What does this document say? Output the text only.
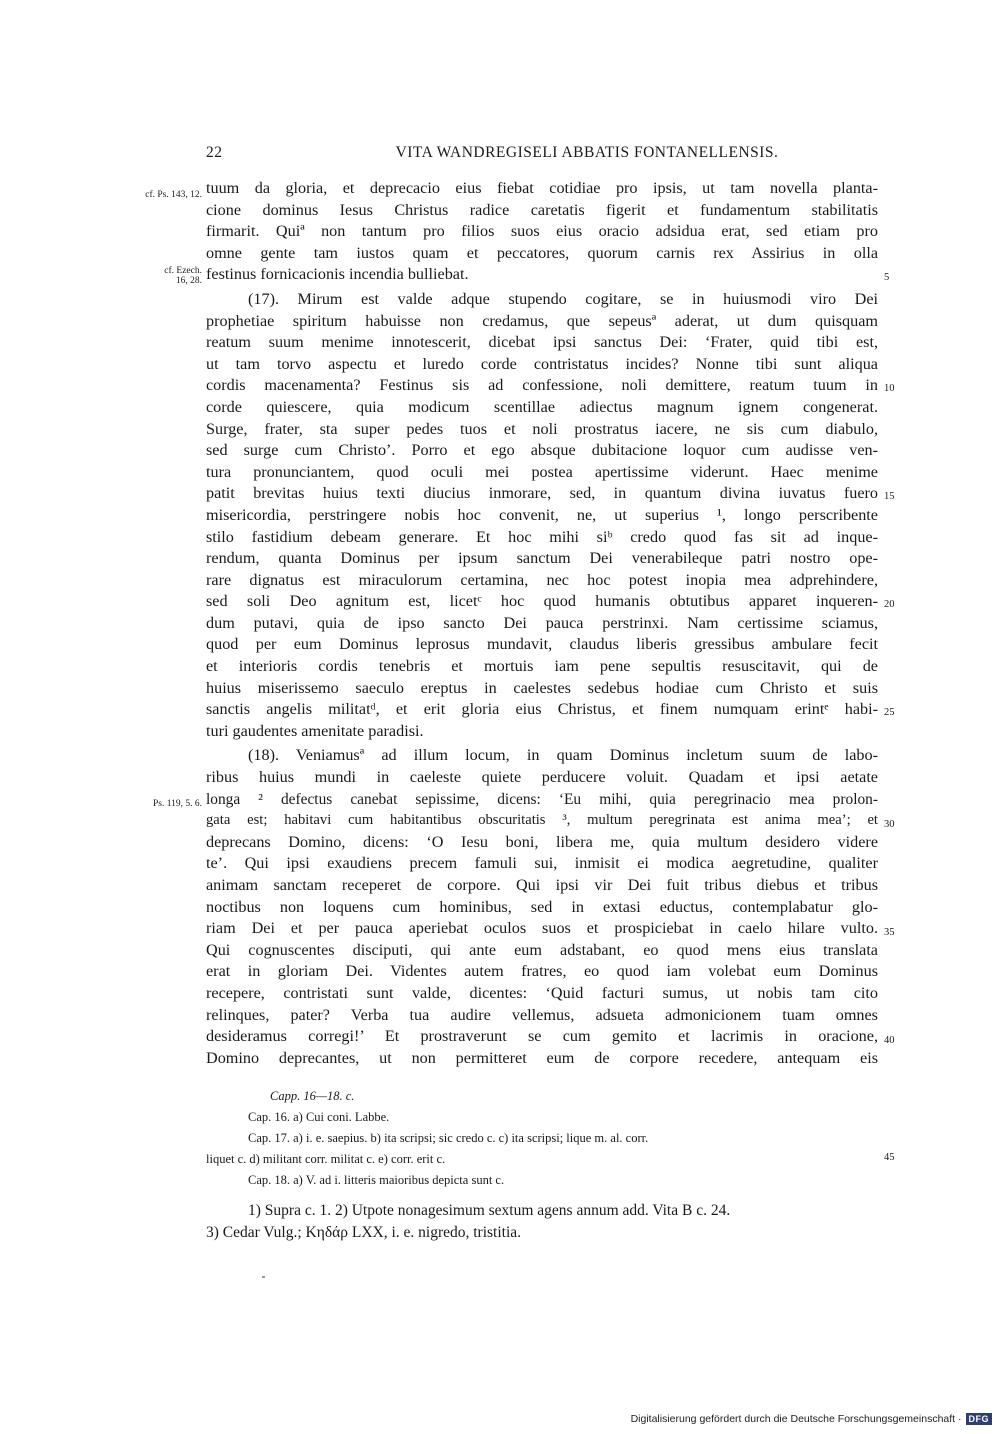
22	VITA WANDREGISELI ABBATIS FONTANELLENSIS.
cf. Ps. 143, 12.
cf. Ezech.
16, 28.
Ps. 119, 5. 6.
5
10
15
20
25
30
35
40
45
tuum da gloria, et deprecacio eius fiebat cotidiae pro ipsis, ut tam novella planta-
cione dominus Iesus Christus radice caretatis figerit et fundamentum stabilitatis
firmarit. Quiª non tantum pro filios suos eius oracio adsidua erat, sed etiam pro
omne gente tam iustos quam et peccatores, quorum carnis rex Assirius in olla
festinus fornicacionis incendia bulliebat.
(17). Mirum est valde adque stupendo cogitare, se in huiusmodi viro Dei
prophetiae spiritum habuisse non credamus, que sepeusª aderat, ut dum quisquam
reatum suum menime innotescerit, dicebat ipsi sanctus Dei: ‘Frater, quid tibi est,
ut tam torvo aspectu et luredo corde contristatus incides? Nonne tibi sunt aliqua
cordis macenamenta? Festinus sis ad confessione, noli demittere, reatum tuum in
corde quiescere, quia modicum scentillae adiectus magnum ignem congenerat.
Surge, frater, sta super pedes tuos et noli prostratus iacere, ne sis cum diabulo,
sed surge cum Christo’. Porro et ego absque dubitacione loquor cum audisse ven-
tura pronunciantem, quod oculi mei postea apertissime viderunt. Haec menime
patit brevitas huius texti diucius inmorare, sed, in quantum divina iuvatus fuero
misericordia, perstringere nobis hoc convenit, ne, ut superius ¹, longo perscribente
stilo fastidium debeam generare. Et hoc mihi siᵇ credo quod fas sit ad inque-
rendum, quanta Dominus per ipsum sanctum Dei venerabileque patri nostro ope-
rare dignatus est miraculorum certamina, nec hoc potest inopia mea adprehindere,
sed soli Deo agnitum est, licetᶜ hoc quod humanis obtutibus apparet inqueren-
dum putavi, quia de ipso sancto Dei pauca perstrinxi. Nam certissime sciamus,
quod per eum Dominus leprosus mundavit, claudus liberis gressibus ambulare fecit
et interioris cordis tenebris et mortuis iam pene sepultis resuscitavit, qui de
huius miserissemo saeculo ereptus in caelestes sedebus hodiae cum Christo et suis
sanctis angelis militatᵈ, et erit gloria eius Christus, et finem numquam erintᵉ habi-
turi gaudentes amenitate paradisi.
(18). Veniamusª ad illum locum, in quam Dominus incletum suum de labo-
ribus huius mundi in caeleste quiete perducere voluit. Quadam et ipsi aetate
longa ² defectus canebat sepissime, dicens: ‘Eu mihi, quia peregrinacio mea prolon-
gata est; habitavi cum habitantibus obscuritatis ³, multum peregrinata est anima mea’; et
deprecans Domino, dicens: ‘O Iesu boni, libera me, quia multum desidero videre
te’. Qui ipsi exaudiens precem famuli sui, inmisit ei modica aegretudine, qualiter
animam sanctam receperet de corpore. Qui ipsi vir Dei fuit tribus diebus et tribus
noctibus non loquens cum hominibus, sed in extasi eductus, contemplabatur glo-
riam Dei et per pauca aperiebat oculos suos et prospiciebat in caelo hilare vulto.
Qui cognuscentes disciputi, qui ante eum adstabant, eo quod mens eius translata
erat in gloriam Dei. Videntes autem fratres, eo quod iam volebat eum Dominus
recepere, contristati sunt valde, dicentes: ‘Quid facturi sumus, ut nobis tam cito
relinques, pater? Verba tua audire vellemus, adsueta admonicionem tuam omnes
desideramus corregi!’ Et prostraverunt se cum gemito et lacrimis in oracione,
Domino deprecantes, ut non permitteret eum de corpore recedere, antequam eis
Capp. 16—18. c.
Cap. 16. a) Cui coni. Labbe.
Cap. 17. a) i. e. saepius. b) ita scripsi; sic credo c. c) ita scripsi; lique m. al. corr.
liquet c. d) militant corr. militat c. e) corr. erit c.
Cap. 18. a) V. ad i. litteris maioribus depicta sunt c.
1) Supra c. 1. 2) Utpote nonagesimum sextum agens annum add. Vita B c. 24.
3) Cedar Vulg.; Κηδάρ LXX, i. e. nigredo, tristitia.
Digitalisierung gefördert durch die Deutsche Forschungsgemeinschaft · DFG
